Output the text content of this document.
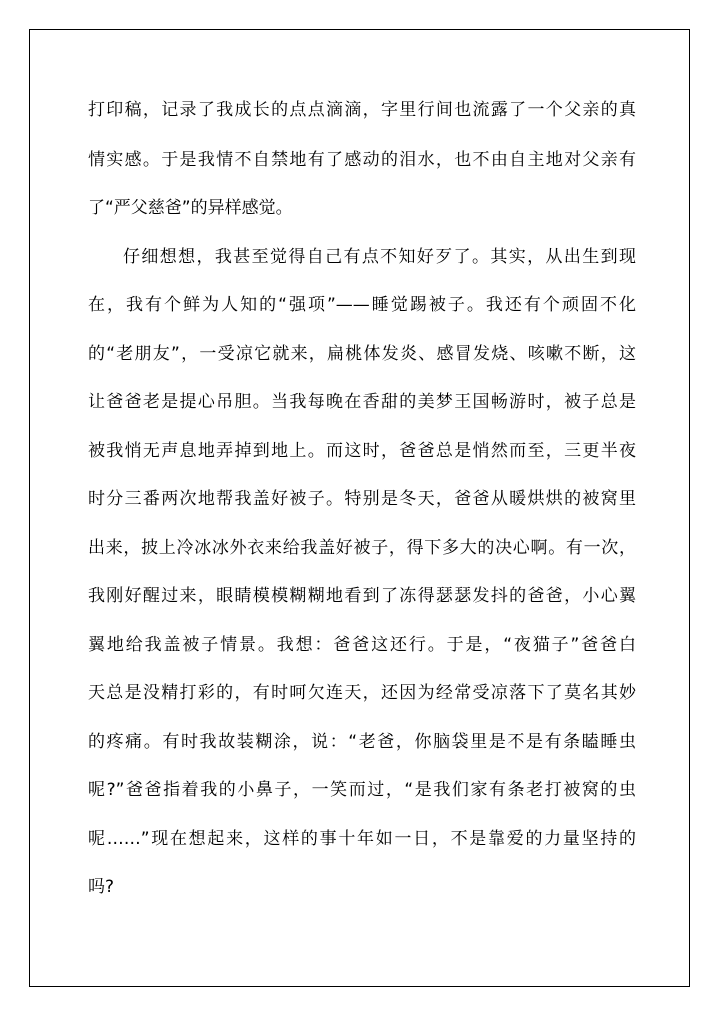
打印稿，记录了我成长的点点滴滴，字里行间也流露了一个父亲的真
情实感。于是我情不自禁地有了感动的泪水，也不由自主地对父亲有
了“严父慈爸”的异样感觉。
仔细想想，我甚至觉得自己有点不知好歹了。其实，从出生到现
在，我有个鲜为人知的“强项”——睡觉踢被子。我还有个顽固不化
的“老朋友”，一受凉它就来，扁桃体发炎、感冒发烧、咳嗽不断，这
让爸爸老是提心吊胆。当我每晚在香甜的美梦王国畅游时，被子总是
被我悄无声息地弄掉到地上。而这时，爸爸总是悄然而至，三更半夜
时分三番两次地帮我盖好被子。特别是冬天，爸爸从暖烘烘的被窝里
出来，披上冷冰冰外衣来给我盖好被子，得下多大的决心啊。有一次，
我刚好醒过来，眼睛模模糊糊地看到了冻得瑟瑟发抖的爸爸，小心翼
翼地给我盖被子情景。我想：爸爸这还行。于是，“夜猫子”爸爸白
天总是没精打彩的，有时呵欠连天，还因为经常受凉落下了莫名其妙
的疼痛。有时我故装糊涂，说：“老爸，你脑袋里是不是有条瞌睡虫
呢?”爸爸指着我的小鼻子，一笑而过，“是我们家有条老打被窝的虫
呢……”现在想起来，这样的事十年如一日，不是靠爱的力量坚持的
吗?
